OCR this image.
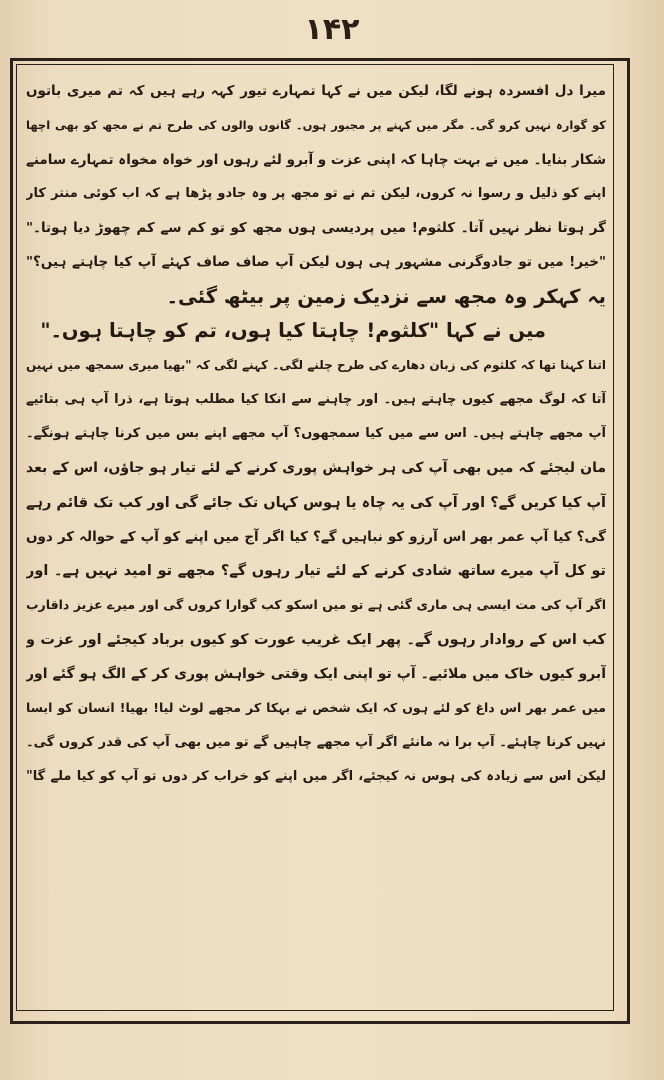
۱۴۲
میرا دل افسردہ ہونے لگا، لیکن میں نے کہا تمہارے تیور کہہ رہے ہیں کہ تم میری باتوں
کو گوارہ نہیں کرو گی۔ مگر میں کہنے پر مجبور ہوں۔ گانوں والوں کی طرح تم نے مجھ کو بھی اچھا
شکار بنایا۔ میں نے بہت چاہا کہ اپنی عزت و آبرو لئے رہوں اور خواہ مخواہ تمہارے سامنے
اپنے کو ذلیل و رسوا نہ کروں، لیکن تم نے تو مجھ پر وہ جادو پڑھا ہے کہ اب کوئی منتر کار
گر ہوتا نظر نہیں آتا۔ کلثوم! میں پردیسی ہوں مجھ کو تو کم سے کم چھوڑ دیا ہوتا۔"
"خیر! میں تو جادوگرنی مشہور ہی ہوں لیکن آپ صاف صاف کہئے آپ کیا چاہتے ہیں؟"
یہ کہکر وہ مجھ سے نزدیک زمین پر بیٹھ گئی۔
میں نے کہا "کلثوم! چاہتا کیا ہوں، تم کو چاہتا ہوں۔"
اتنا کہنا تھا کہ کلثوم کی زبان دھارے کی طرح چلنے لگی۔ کہنے لگی کہ "بھیا میری سمجھ میں نہیں
آتا کہ لوگ مجھے کیوں چاہتے ہیں۔ اور چاہنے سے انکا کیا مطلب ہوتا ہے، ذرا آپ ہی بتائیے
آپ مجھے چاہتے ہیں۔ اس سے میں کیا سمجھوں؟ آپ مجھے اپنے بس میں کرنا چاہتے ہونگے۔
مان لیجئے کہ میں بھی آپ کی ہر خواہش پوری کرنے کے لئے تیار ہو جاؤں، اس کے بعد
آپ کیا کریں گے؟ اور آپ کی یہ چاہ یا ہوس کہاں تک جائے گی اور کب تک قائم رہے
گی؟ کیا آپ عمر بھر اس آرزو کو نباہیں گے؟ کیا اگر آج میں اپنے کو آپ کے حوالہ کر دوں
تو کل آپ میرے ساتھ شادی کرنے کے لئے تیار رہوں گے؟ مجھے تو امید نہیں ہے۔ اور
اگر آپ کی مت ایسی ہی ماری گئی ہے تو میں اسکو کب گوارا کروں گی اور میرے عزیز داقارب
کب اس کے روادار رہوں گے۔ پھر ایک غریب عورت کو کیوں برباد کیجئے اور عزت و
آبرو کیوں خاک میں ملائیے۔ آپ تو اپنی ایک وقتی خواہش پوری کر کے الگ ہو گئے اور
میں عمر بھر اس داغ کو لئے ہوں کہ ایک شخص نے بہکا کر مجھے لوٹ لیا! بھیا! انسان کو ایسا
نہیں کرنا چاہئے۔ آپ برا نہ مانئے اگر آپ مجھے چاہیں گے تو میں بھی آپ کی قدر کروں گی۔
لیکن اس سے زیادہ کی ہوس نہ کیجئے، اگر میں اپنے کو خراب کر دوں تو آپ کو کیا ملے گا"
